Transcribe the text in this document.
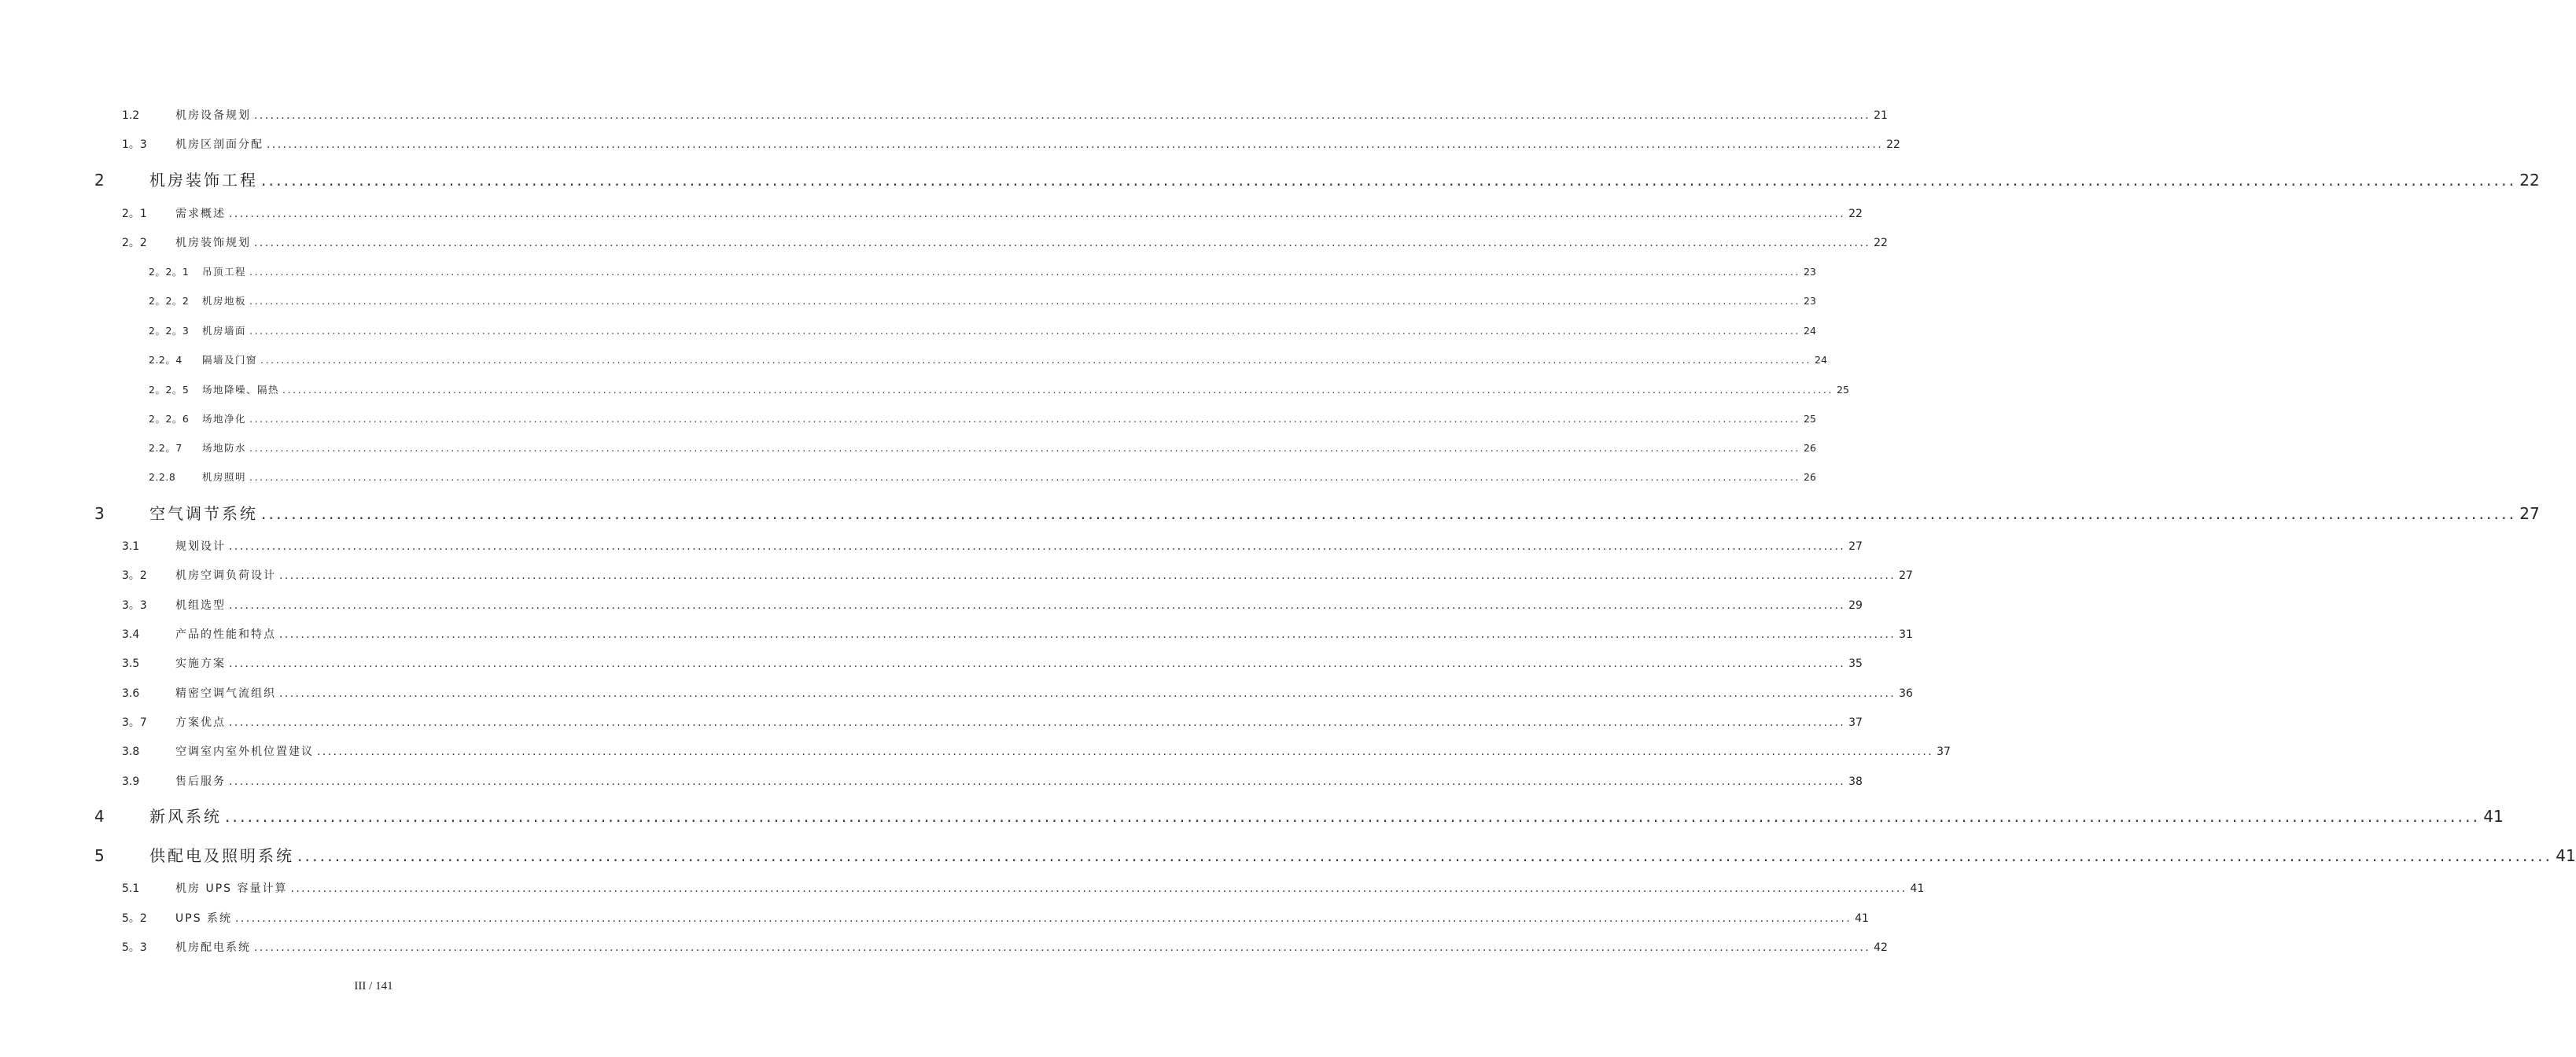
1.2	机房设备规划 ............................................................................................................................................................................................................................................................................................................ 21
1。3	机房区剖面分配 ............................................................................................................................................................................................................................................................................................................ 22
2	机房装饰工程 ............................................................................................................................................................................................................................................................................................................ 22
2。1	需求概述 ............................................................................................................................................................................................................................................................................................................ 22
2。2	机房装饰规划 ............................................................................................................................................................................................................................................................................................................ 22
2。2。1	吊顶工程 ............................................................................................................................................................................................................................................................................................................ 23
2。2。2	机房地板 ............................................................................................................................................................................................................................................................................................................ 23
2。2。3	机房墙面 ............................................................................................................................................................................................................................................................................................................ 24
2.2。4	隔墙及门窗 ............................................................................................................................................................................................................................................................................................................ 24
2。2。5	场地降噪、隔热 ............................................................................................................................................................................................................................................................................................................ 25
2。2。6	场地净化 ............................................................................................................................................................................................................................................................................................................ 25
2.2。7	场地防水 ............................................................................................................................................................................................................................................................................................................ 26
2.2.8	机房照明 ............................................................................................................................................................................................................................................................................................................ 26
3	空气调节系统 ............................................................................................................................................................................................................................................................................................................ 27
3.1	规划设计 ............................................................................................................................................................................................................................................................................................................ 27
3。2	机房空调负荷设计 ............................................................................................................................................................................................................................................................................................................ 27
3。3	机组选型 ............................................................................................................................................................................................................................................................................................................ 29
3.4	产品的性能和特点 ............................................................................................................................................................................................................................................................................................................ 31
3.5	实施方案 ............................................................................................................................................................................................................................................................................................................ 35
3.6	精密空调气流组织 ............................................................................................................................................................................................................................................................................................................ 36
3。7	方案优点 ............................................................................................................................................................................................................................................................................................................ 37
3.8	空调室内室外机位置建议 ............................................................................................................................................................................................................................................................................................................ 37
3.9	售后服务 ............................................................................................................................................................................................................................................................................................................ 38
4	新风系统 ............................................................................................................................................................................................................................................................................................................ 41
5	供配电及照明系统 ............................................................................................................................................................................................................................................................................................................ 41
5.1	机房 UPS 容量计算 ............................................................................................................................................................................................................................................................................................................ 41
5。2	UPS 系统 ............................................................................................................................................................................................................................................................................................................ 41
5。3	机房配电系统 ............................................................................................................................................................................................................................................................................................................ 42
III / 141
